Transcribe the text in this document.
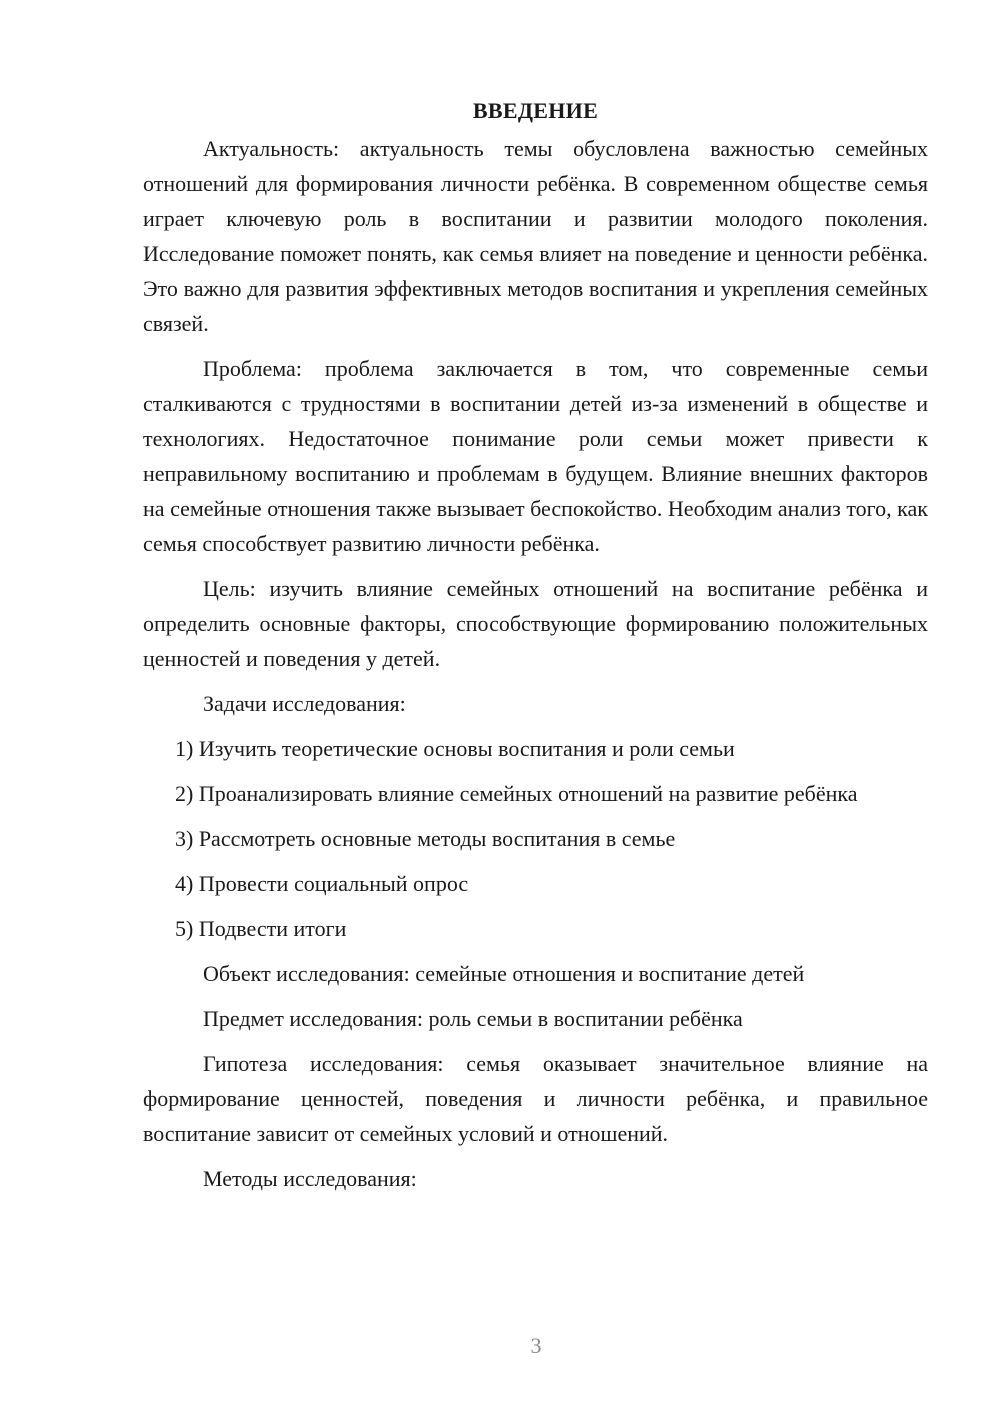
ВВЕДЕНИЕ

Актуальность: актуальность темы обусловлена важностью семейных отношений для формирования личности ребёнка. В современном обществе семья играет ключевую роль в воспитании и развитии молодого поколения. Исследование поможет понять, как семья влияет на поведение и ценности ребёнка. Это важно для развития эффективных методов воспитания и укрепления семейных связей.

Проблема: проблема заключается в том, что современные семьи сталкиваются с трудностями в воспитании детей из-за изменений в обществе и технологиях. Недостаточное понимание роли семьи может привести к неправильному воспитанию и проблемам в будущем. Влияние внешних факторов на семейные отношения также вызывает беспокойство. Необходим анализ того, как семья способствует развитию личности ребёнка.

Цель: изучить влияние семейных отношений на воспитание ребёнка и определить основные факторы, способствующие формированию положительных ценностей и поведения у детей.

Задачи исследования:

1) Изучить теоретические основы воспитания и роли семьи

2) Проанализировать влияние семейных отношений на развитие ребёнка

3) Рассмотреть основные методы воспитания в семье

4) Провести социальный опрос

5) Подвести итоги

Объект исследования: семейные отношения и воспитание детей

Предмет исследования: роль семьи в воспитании ребёнка

Гипотеза исследования: семья оказывает значительное влияние на формирование ценностей, поведения и личности ребёнка, и правильное воспитание зависит от семейных условий и отношений.

Методы исследования:

3
